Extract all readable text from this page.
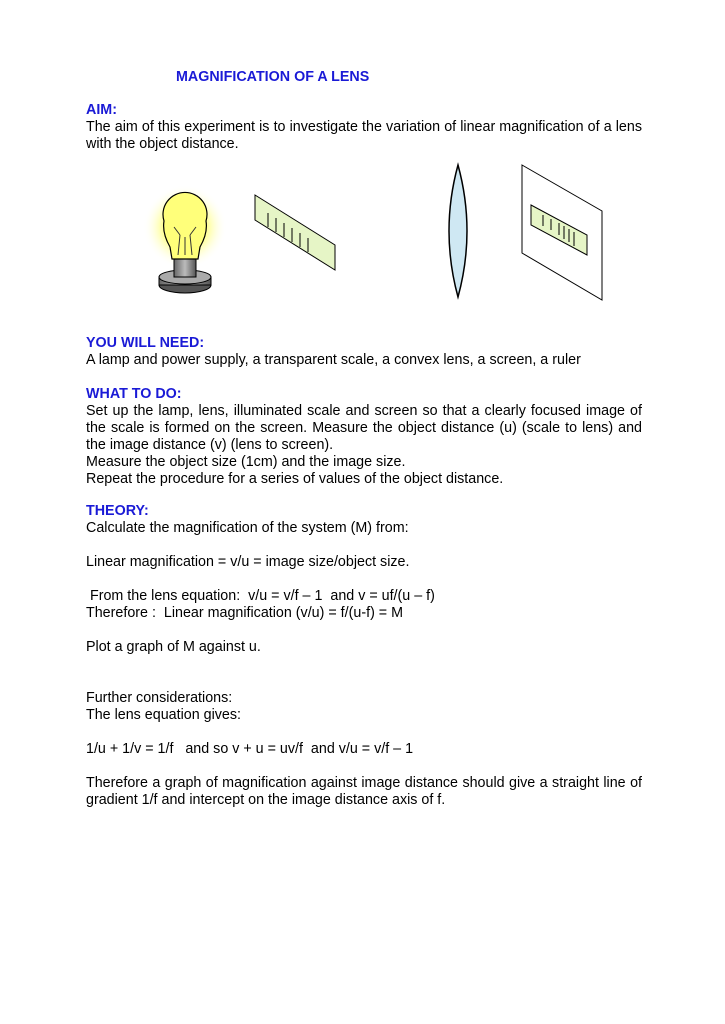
MAGNIFICATION OF A LENS
AIM:
The aim of this experiment is to investigate the variation of linear magnification of a lens with the object distance.
YOU WILL NEED:
A lamp and power supply, a transparent scale, a convex lens, a screen, a ruler
WHAT TO DO:
Set up the lamp, lens, illuminated scale and screen so that a clearly focused image of the scale is formed on the screen. Measure the object distance (u) (scale to lens) and the image distance (v) (lens to screen).
Measure the object size (1cm) and the image size.
Repeat the procedure for a series of values of the object distance.
THEORY:
Calculate the magnification of the system (M) from:
Linear magnification = v/u = image size/object size.
From the lens equation:  v/u = v/f – 1  and v = uf/(u – f)
Therefore :  Linear magnification (v/u) = f/(u-f) = M
Plot a graph of M against u.
Further considerations:
The lens equation gives:
1/u + 1/v = 1/f   and so v + u = uv/f  and v/u = v/f – 1
Therefore a graph of magnification against image distance should give a straight line of gradient 1/f and intercept on the image distance axis of f.
